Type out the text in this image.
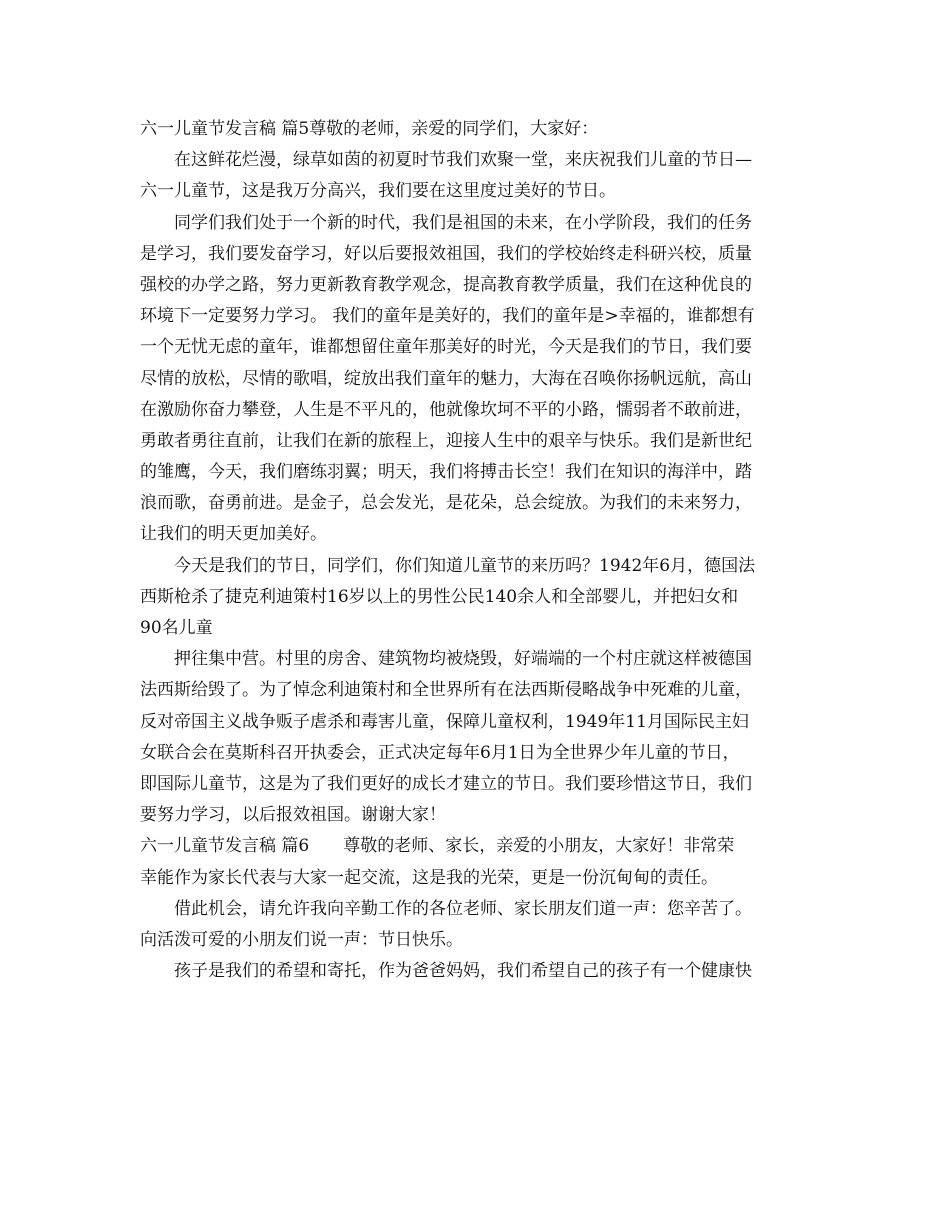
六一儿童节发言稿 篇5尊敬的老师，亲爱的同学们，大家好：
在这鲜花烂漫，绿草如茵的初夏时节我们欢聚一堂，来庆祝我们儿童的节日—
六一儿童节，这是我万分高兴，我们要在这里度过美好的节日。
同学们我们处于一个新的时代，我们是祖国的未来，在小学阶段，我们的任务
是学习，我们要发奋学习，好以后要报效祖国，我们的学校始终走科研兴校，质量
强校的办学之路，努力更新教育教学观念，提高教育教学质量，我们在这种优良的
环境下一定要努力学习。 我们的童年是美好的，我们的童年是>幸福的，谁都想有
一个无忧无虑的童年，谁都想留住童年那美好的时光，今天是我们的节日，我们要
尽情的放松，尽情的歌唱，绽放出我们童年的魅力，大海在召唤你扬帆远航，高山
在激励你奋力攀登，人生是不平凡的，他就像坎坷不平的小路，懦弱者不敢前进，
勇敢者勇往直前，让我们在新的旅程上，迎接人生中的艰辛与快乐。我们是新世纪
的雏鹰，今天，我们磨练羽翼；明天，我们将搏击长空！我们在知识的海洋中，踏
浪而歌，奋勇前进。是金子，总会发光，是花朵，总会绽放。为我们的未来努力，
让我们的明天更加美好。
今天是我们的节日，同学们，你们知道儿童节的来历吗？1942年6月，德国法
西斯枪杀了捷克利迪策村16岁以上的男性公民140余人和全部婴儿，并把妇女和
90名儿童
押往集中营。村里的房舍、建筑物均被烧毁，好端端的一个村庄就这样被德国
法西斯给毁了。为了悼念利迪策村和全世界所有在法西斯侵略战争中死难的儿童，
反对帝国主义战争贩子虐杀和毒害儿童，保障儿童权利，1949年11月国际民主妇
女联合会在莫斯科召开执委会，正式决定每年6月1日为全世界少年儿童的节日，
即国际儿童节，这是为了我们更好的成长才建立的节日。我们要珍惜这节日，我们
要努力学习，以后报效祖国。谢谢大家！
六一儿童节发言稿 篇6　　尊敬的老师、家长，亲爱的小朋友，大家好！非常荣
幸能作为家长代表与大家一起交流，这是我的光荣，更是一份沉甸甸的责任。
借此机会，请允许我向辛勤工作的各位老师、家长朋友们道一声：您辛苦了。
向活泼可爱的小朋友们说一声：节日快乐。
孩子是我们的希望和寄托，作为爸爸妈妈，我们希望自己的孩子有一个健康快
